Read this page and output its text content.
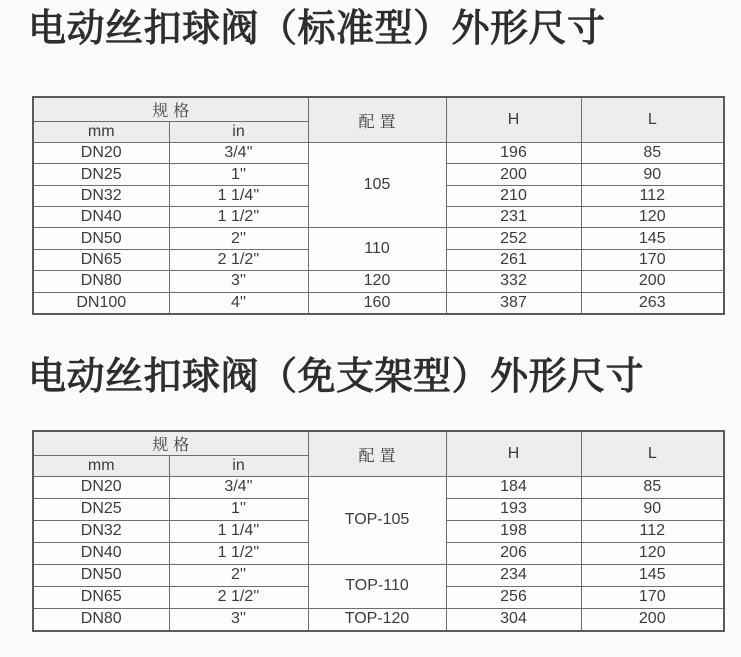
电动丝扣球阀（标准型）外形尺寸
规格		配置	H	L
mm	in			
DN20	3/4''	105	196	85
DN25	1''		200	90
DN32	1 1/4''		210	112
DN40	1 1/2''		231	120
DN50	2''	110	252	145
DN65	2 1/2''		261	170
DN80	3''	120	332	200
DN100	4''	160	387	263
电动丝扣球阀（免支架型）外形尺寸
规格		配置	H	L
mm	in			
DN20	3/4''	TOP-105	184	85
DN25	1''		193	90
DN32	1 1/4''		198	112
DN40	1 1/2''		206	120
DN50	2''	TOP-110	234	145
DN65	2 1/2''		256	170
DN80	3''	TOP-120	304	200
